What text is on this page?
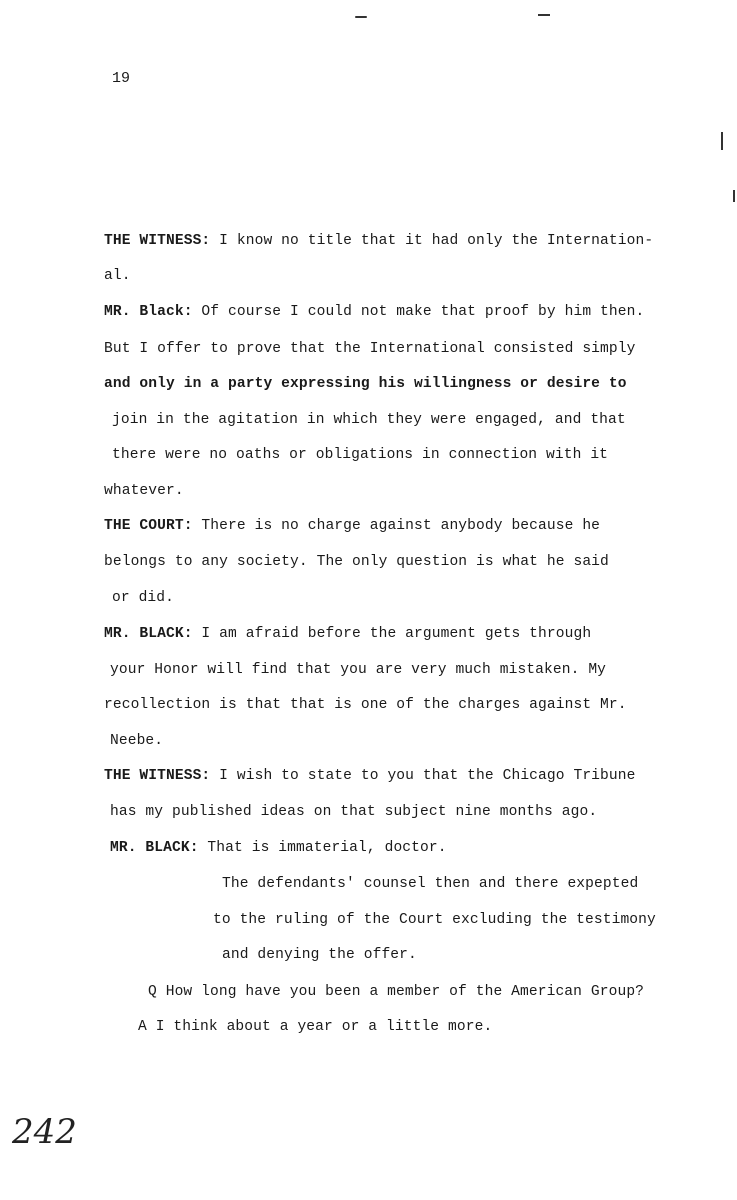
19
THE WITNESS: I know no title that it had only the Internation-
al.
MR. Black: Of course I could not make that proof by him then.
But I offer to prove that the International consisted simply
and only in a party expressing his willingness or desire to
join in the agitation in which they were engaged, and that
there were no oaths or obligations in connection with it
whatever.
THE COURT: There is no charge against anybody because he
belongs to any society. The only question is what he said
or did.
MR. BLACK: I am afraid before the argument gets through
your Honor will find that you are very much mistaken. My
recollection is that that is one of the charges against Mr.
Neebe.
THE WITNESS: I wish to state to you that the Chicago Tribune
has my published ideas on that subject nine months ago.
MR. BLACK: That is immaterial, doctor.
The defendants' counsel then and there expepted
to the ruling of the Court excluding the testimony
and denying the offer.
Q How long have you been a member of the American Group?
A I think about a year or a little more.
242
